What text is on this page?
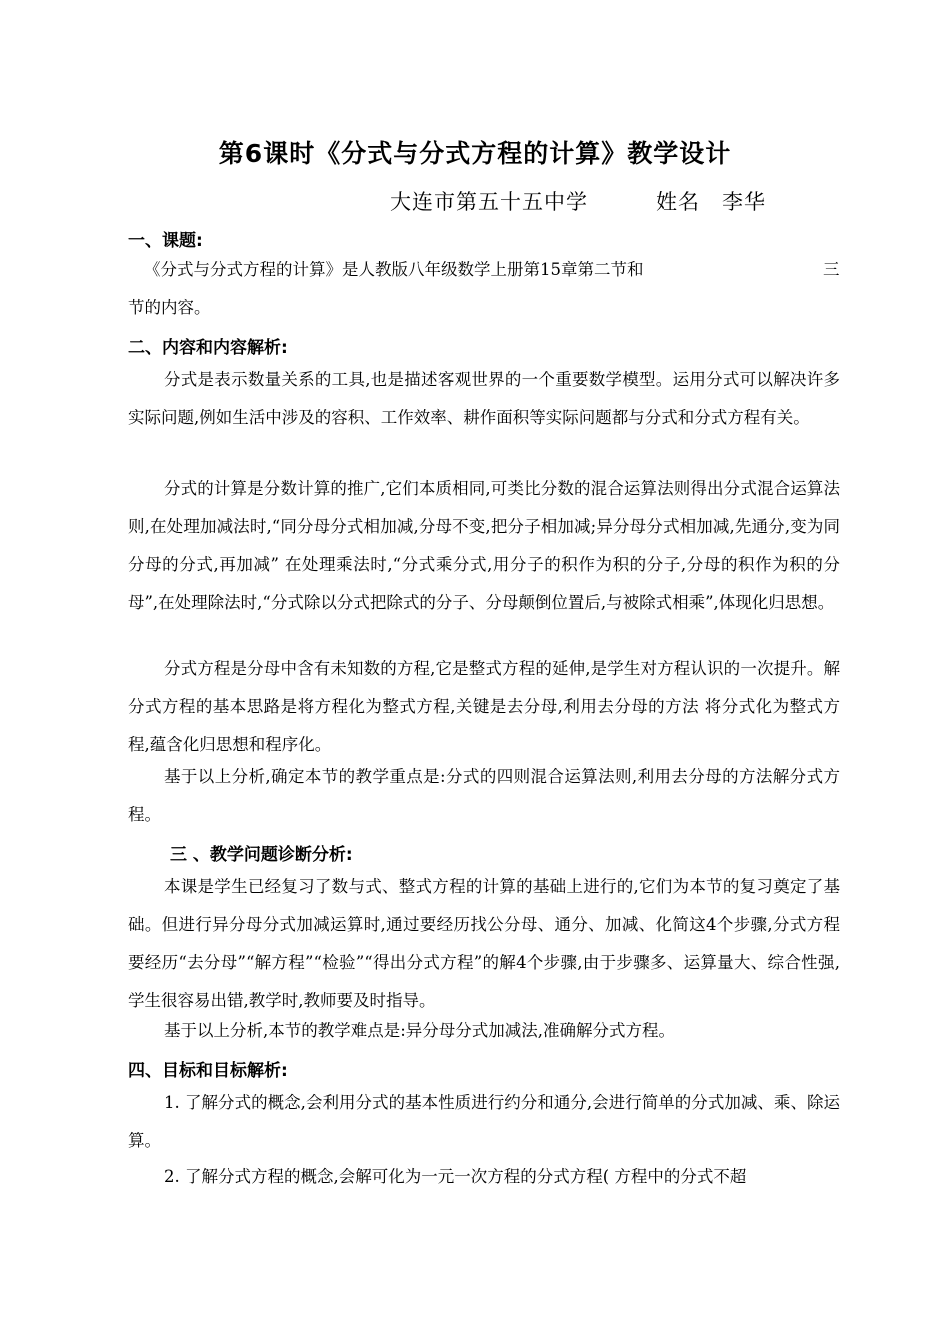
第6课时《分式与分式方程的计算》教学设计
大连市第五十五中学	姓名 李华
一、课题:
《分式与分式方程的计算》是人教版八年级数学上册第15章第二节和	三
节的内容。
二、内容和内容解析:
分式是表示数量关系的工具,也是描述客观世界的一个重要数学模型。运用分式可以解决许多实际问题,例如生活中涉及的容积、工作效率、耕作面积等实际问题都与分式和分式方程有关。
分式的计算是分数计算的推广,它们本质相同,可类比分数的混合运算法则得出分式混合运算法则,在处理加减法时,“同分母分式相加减,分母不变,把分子相加减;异分母分式相加减,先通分,变为同分母的分式,再加减” 在处理乘法时,“分式乘分式,用分子的积作为积的分子,分母的积作为积的分母”,在处理除法时,“分式除以分式把除式的分子、分母颠倒位置后,与被除式相乘”,体现化归思想。
分式方程是分母中含有未知数的方程,它是整式方程的延伸,是学生对方程认识的一次提升。解分式方程的基本思路是将方程化为整式方程,关键是去分母,利用去分母的方法 将分式化为整式方程,蕴含化归思想和程序化。
基于以上分析,确定本节的教学重点是:分式的四则混合运算法则,利用去分母的方法解分式方程。
三 、教学问题诊断分析:
本课是学生已经复习了数与式、整式方程的计算的基础上进行的,它们为本节的复习奠定了基础。但进行异分母分式加减运算时,通过要经历找公分母、通分、加减、化简这4个步骤,分式方程要经历“去分母”“解方程”“检验”“得出分式方程”的解4个步骤,由于步骤多、运算量大、综合性强,学生很容易出错,教学时,教师要及时指导。
基于以上分析,本节的教学难点是:异分母分式加减法,准确解分式方程。
四、目标和目标解析:
1. 了解分式的概念,会利用分式的基本性质进行约分和通分,会进行简单的分式加减、乘、除运算。
2. 了解分式方程的概念,会解可化为一元一次方程的分式方程( 方程中的分式不超
